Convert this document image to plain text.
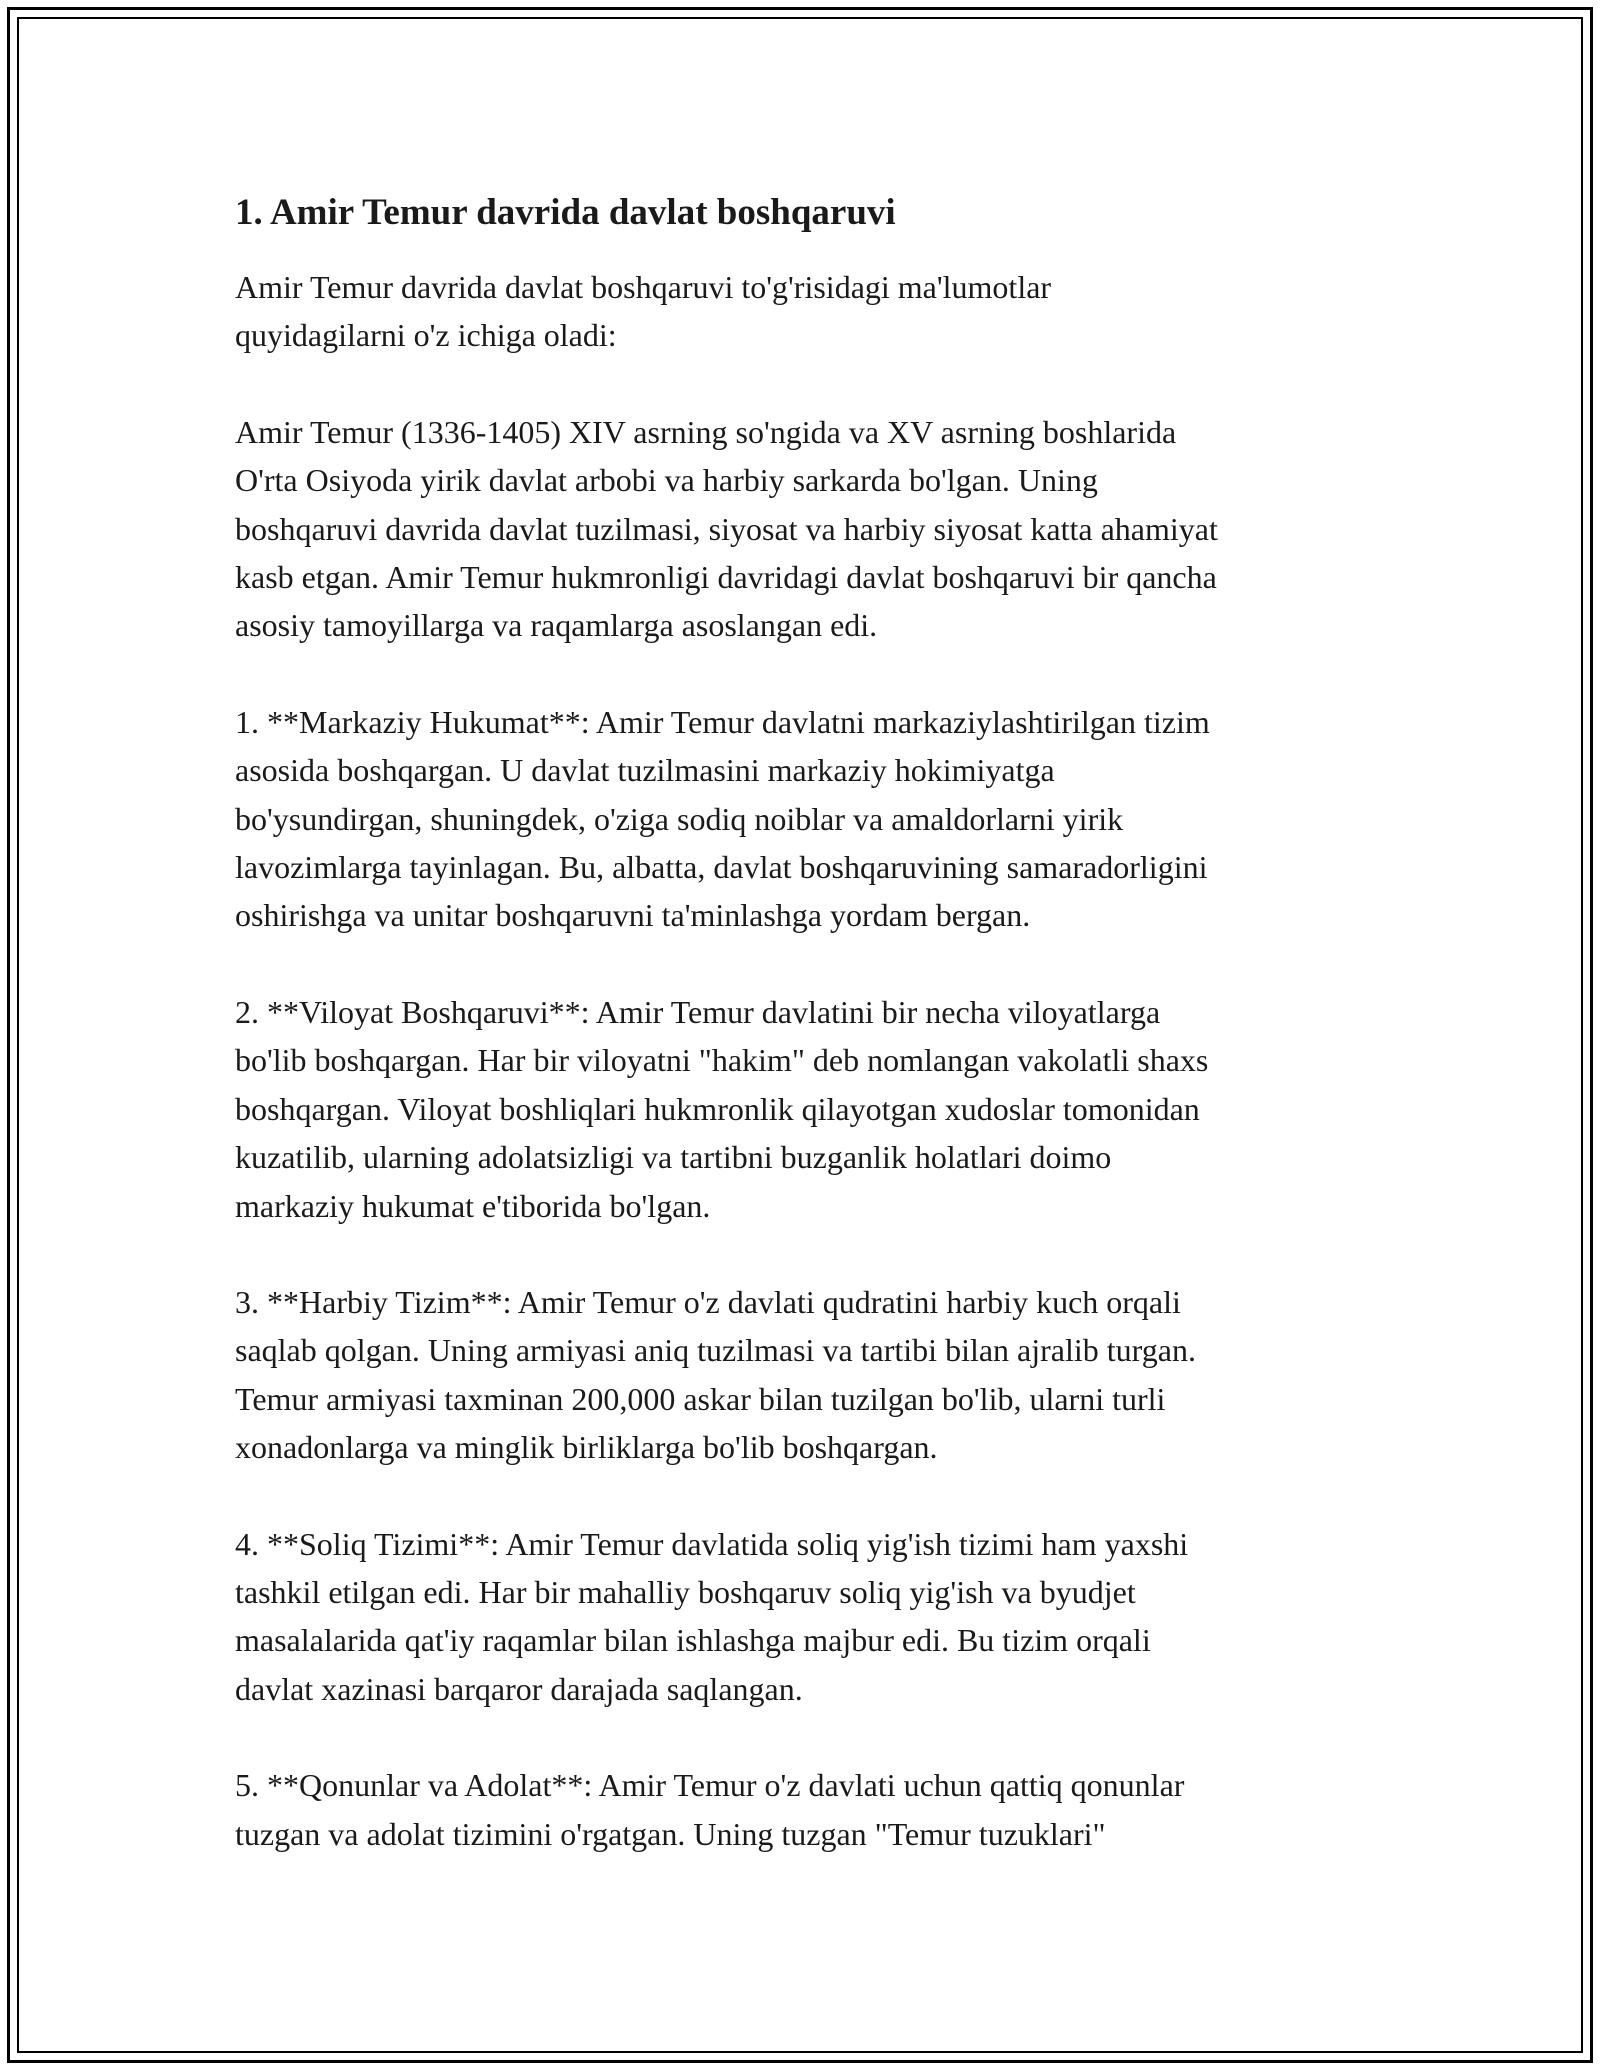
1. Amir Temur davrida davlat boshqaruvi

Amir Temur davrida davlat boshqaruvi to'g'risidagi ma'lumotlar
quyidagilarni o'z ichiga oladi:

Amir Temur (1336-1405) XIV asrning so'ngida va XV asrning boshlarida
O'rta Osiyoda yirik davlat arbobi va harbiy sarkarda bo'lgan. Uning
boshqaruvi davrida davlat tuzilmasi, siyosat va harbiy siyosat katta ahamiyat
kasb etgan. Amir Temur hukmronligi davridagi davlat boshqaruvi bir qancha
asosiy tamoyillarga va raqamlarga asoslangan edi.

1. **Markaziy Hukumat**: Amir Temur davlatni markaziylashtirilgan tizim
asosida boshqargan. U davlat tuzilmasini markaziy hokimiyatga
bo'ysundirgan, shuningdek, o'ziga sodiq noiblar va amaldorlarni yirik
lavozimlarga tayinlagan. Bu, albatta, davlat boshqaruvining samaradorligini
oshirishga va unitar boshqaruvni ta'minlashga yordam bergan.

2. **Viloyat Boshqaruvi**: Amir Temur davlatini bir necha viloyatlarga
bo'lib boshqargan. Har bir viloyatni "hakim" deb nomlangan vakolatli shaxs
boshqargan. Viloyat boshliqlari hukmronlik qilayotgan xudoslar tomonidan
kuzatilib, ularning adolatsizligi va tartibni buzganlik holatlari doimo
markaziy hukumat e'tiborida bo'lgan.

3. **Harbiy Tizim**: Amir Temur o'z davlati qudratini harbiy kuch orqali
saqlab qolgan. Uning armiyasi aniq tuzilmasi va tartibi bilan ajralib turgan.
Temur armiyasi taxminan 200,000 askar bilan tuzilgan bo'lib, ularni turli
xonadonlarga va minglik birliklarga bo'lib boshqargan.

4. **Soliq Tizimi**: Amir Temur davlatida soliq yig'ish tizimi ham yaxshi
tashkil etilgan edi. Har bir mahalliy boshqaruv soliq yig'ish va byudjet
masalalarida qat'iy raqamlar bilan ishlashga majbur edi. Bu tizim orqali
davlat xazinasi barqaror darajada saqlangan.

5. **Qonunlar va Adolat**: Amir Temur o'z davlati uchun qattiq qonunlar
tuzgan va adolat tizimini o'rgatgan. Uning tuzgan "Temur tuzuklari"
